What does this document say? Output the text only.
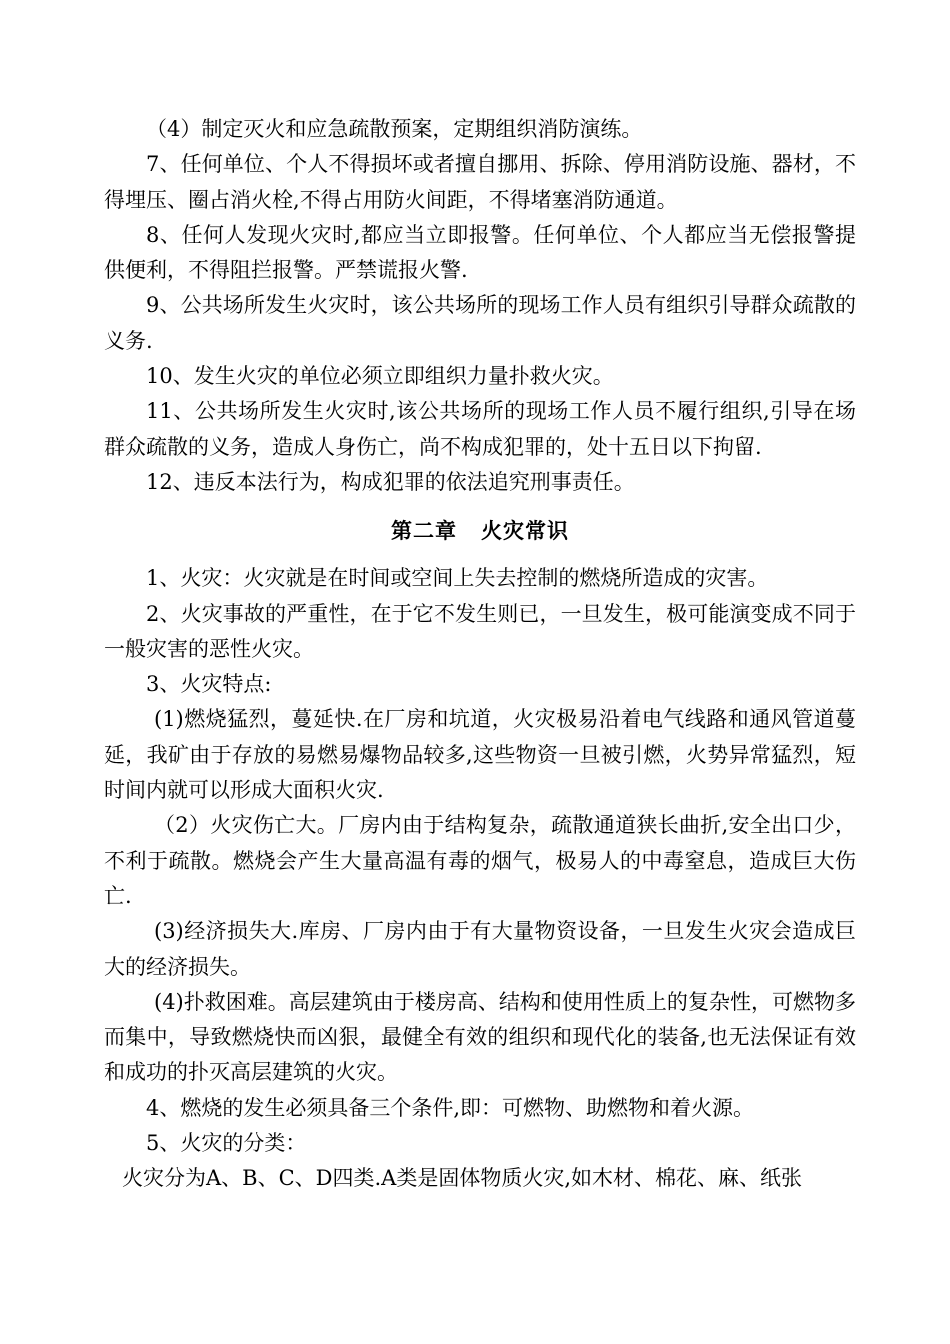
（4）制定灭火和应急疏散预案，定期组织消防演练。

7、任何单位、个人不得损坏或者擅自挪用、拆除、停用消防设施、器材，不得埋压、圈占消火栓,不得占用防火间距，不得堵塞消防通道。

8、任何人发现火灾时,都应当立即报警。任何单位、个人都应当无偿报警提供便利，不得阻拦报警。严禁谎报火警.

9、公共场所发生火灾时，该公共场所的现场工作人员有组织引导群众疏散的义务.

10、发生火灾的单位必须立即组织力量扑救火灾。

11、公共场所发生火灾时,该公共场所的现场工作人员不履行组织,引导在场群众疏散的义务，造成人身伤亡，尚不构成犯罪的，处十五日以下拘留.

12、违反本法行为，构成犯罪的依法追究刑事责任。

第二章 火灾常识

1、火灾：火灾就是在时间或空间上失去控制的燃烧所造成的灾害。

2、火灾事故的严重性，在于它不发生则已，一旦发生，极可能演变成不同于一般灾害的恶性火灾。

3、火灾特点:

(1)燃烧猛烈，蔓延快.在厂房和坑道，火灾极易沿着电气线路和通风管道蔓延，我矿由于存放的易燃易爆物品较多,这些物资一旦被引燃，火势异常猛烈，短时间内就可以形成大面积火灾.

（2）火灾伤亡大。厂房内由于结构复杂，疏散通道狭长曲折,安全出口少，不利于疏散。燃烧会产生大量高温有毒的烟气，极易人的中毒窒息，造成巨大伤亡.

(3)经济损失大.库房、厂房内由于有大量物资设备，一旦发生火灾会造成巨大的经济损失。

(4)扑救困难。高层建筑由于楼房高、结构和使用性质上的复杂性，可燃物多而集中，导致燃烧快而凶狠，最健全有效的组织和现代化的装备,也无法保证有效和成功的扑灭高层建筑的火灾。

4、燃烧的发生必须具备三个条件,即：可燃物、助燃物和着火源。

5、火灾的分类：

火灾分为A、B、C、D四类.A类是固体物质火灾,如木材、棉花、麻、纸张
